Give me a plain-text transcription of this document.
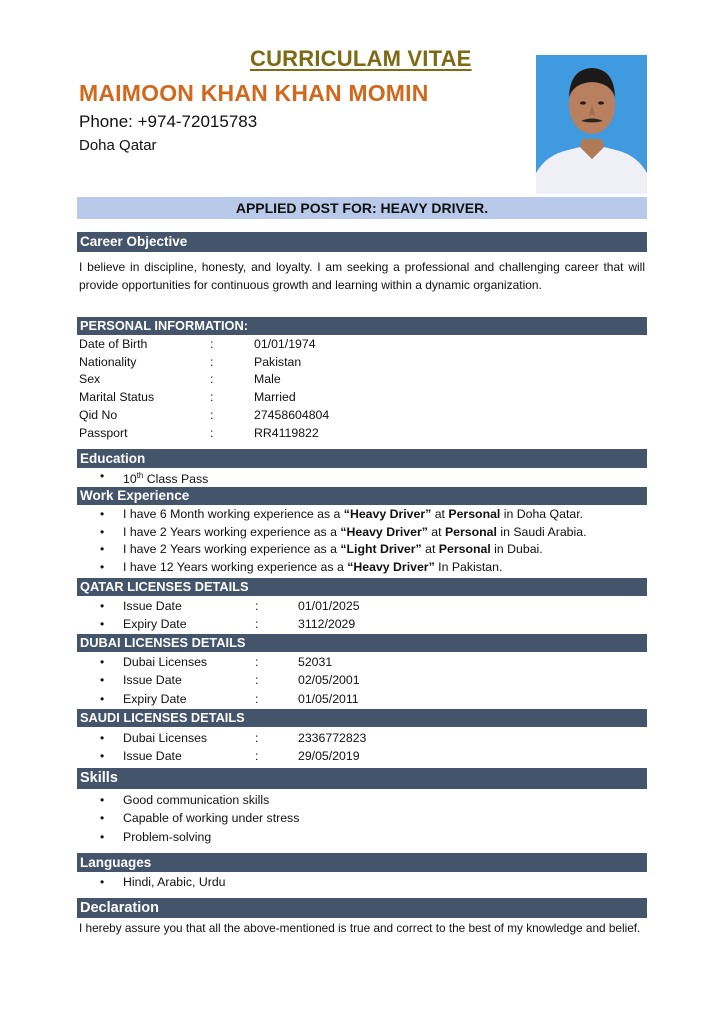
CURRICULAM VITAE
MAIMOON KHAN KHAN MOMIN
Phone: +974-72015783
Doha Qatar
APPLIED POST FOR: HEAVY DRIVER.
Career Objective
I believe in discipline, honesty, and loyalty. I am seeking a professional and challenging career that will provide opportunities for continuous growth and learning within a dynamic organization.
PERSONAL INFORMATION:
Date of Birth	:	01/01/1974
Nationality	:	Pakistan
Sex	:	Male
Marital Status	:	Married
Qid No	:	27458604804
Passport	:	RR4119822
Education
• 10th Class Pass
Work Experience
• I have 6 Month working experience as a “Heavy Driver” at Personal in Doha Qatar.
• I have 2 Years working experience as a “Heavy Driver” at Personal in Saudi Arabia.
• I have 2 Years working experience as a “Light Driver” at Personal in Dubai.
• I have 12 Years working experience as a “Heavy Driver” In Pakistan.
QATAR LICENSES DETAILS
• Issue Date	:	01/01/2025
• Expiry Date	:	3112/2029
DUBAI LICENSES DETAILS
• Dubai Licenses	:	52031
• Issue Date	:	02/05/2001
• Expiry Date	:	01/05/2011
SAUDI LICENSES DETAILS
• Dubai Licenses	:	2336772823
• Issue Date	:	29/05/2019
Skills
• Good communication skills
• Capable of working under stress
• Problem-solving
Languages
• Hindi, Arabic, Urdu
Declaration
I hereby assure you that all the above-mentioned is true and correct to the best of my knowledge and belief.
